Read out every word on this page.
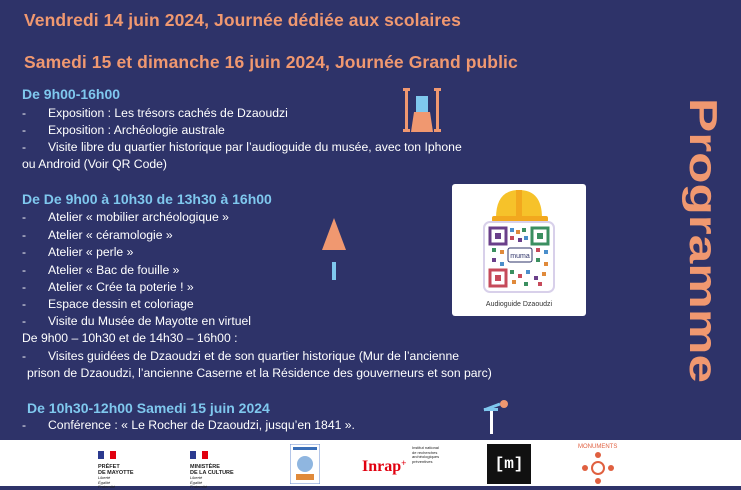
Vendredi 14 juin 2024, Journée dédiée aux scolaires
Samedi 15 et dimanche 16 juin 2024, Journée Grand public
De 9h00-16h00
- Exposition : Les trésors cachés de Dzaoudzi
- Exposition : Archéologie australe
- Visite libre du quartier historique par l’audioguide du musée, avec ton Iphone
ou Android (Voir QR Code)
De De 9h00 à 10h30 de 13h30 à 16h00
- Atelier « mobilier archéologique »
- Atelier « céramologie »
- Atelier « perle »
- Atelier « Bac de fouille »
- Atelier « Crée ta poterie ! »
- Espace dessin et coloriage
- Visite du Musée de Mayotte en virtuel
De 9h00 – 10h30 et de 14h30 – 16h00 :
- Visites guidées de Dzaoudzi et de son quartier historique (Mur de l’ancienne
prison de Dzaoudzi, l’ancienne Caserne et la Résidence des gouverneurs et son parc)
De 10h30-12h00 Samedi 15 juin 2024
- Conférence : « Le Rocher de Dzaoudzi, jusqu’en 1841 ».
Programme
muma
Audioguide Dzaoudzi
PRÉFET
DE MAYOTTE
Liberté
Égalité
Fraternité
MINISTÈRE
DE LA CULTURE
Liberté
Égalité
Fraternité
Inrap+
Institut national
de recherches
archéologiques
préventives	[m]
MONUMENTS
